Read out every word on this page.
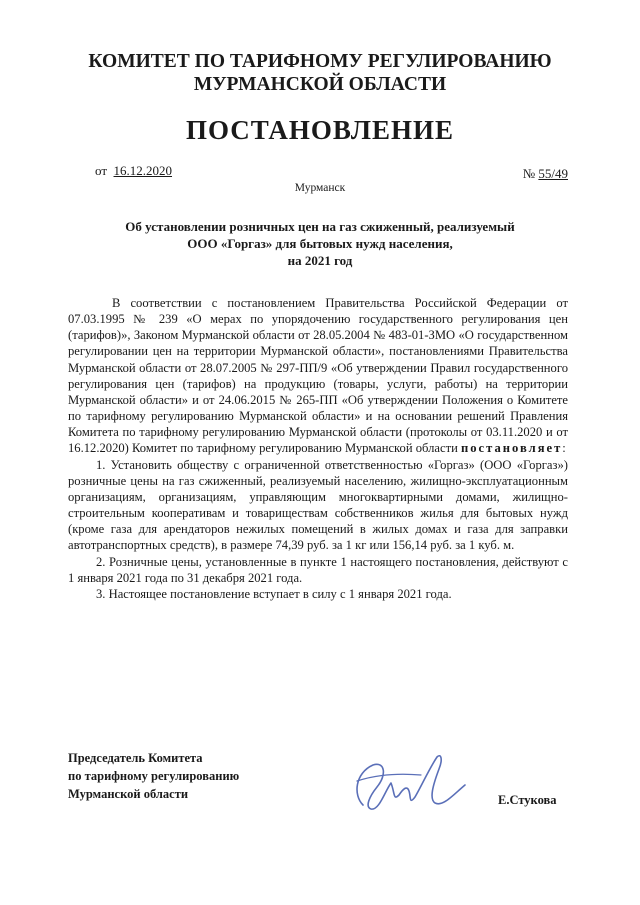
КОМИТЕТ ПО ТАРИФНОМУ РЕГУЛИРОВАНИЮ
МУРМАНСКОЙ ОБЛАСТИ
ПОСТАНОВЛЕНИЕ
от 16.12.2020	№ 55/49
Мурманск
Об установлении розничных цен на газ сжиженный, реализуемый
ООО «Горгаз» для бытовых нужд населения,
на 2021 год

В соответствии с постановлением Правительства Российской Федерации от 07.03.1995 № 239 «О мерах по упорядочению государственного регулирования цен (тарифов)», Законом Мурманской области от 28.05.2004 № 483-01-ЗМО «О государственном регулировании цен на территории Мурманской области», постановлениями Правительства Мурманской области от 28.07.2005 № 297-ПП/9 «Об утверждении Правил государственного регулирования цен (тарифов) на продукцию (товары, услуги, работы) на территории Мурманской области» и от 24.06.2015 № 265-ПП «Об утверждении Положения о Комитете по тарифному регулированию Мурманской области» и на основании решений Правления Комитета по тарифному регулированию Мурманской области (протоколы от 03.11.2020 и от 16.12.2020) Комитет по тарифному регулированию Мурманской области постановляет:

1. Установить обществу с ограниченной ответственностью «Горгаз» (ООО «Горгаз») розничные цены на газ сжиженный, реализуемый населению, жилищно-эксплуатационным организациям, организациям, управляющим многоквартирными домами, жилищно-строительным кооперативам и товариществам собственников жилья для бытовых нужд (кроме газа для арендаторов нежилых помещений в жилых домах и газа для заправки автотранспортных средств), в размере 74,39 руб. за 1 кг или 156,14 руб. за 1 куб. м.

2. Розничные цены, установленные в пункте 1 настоящего постановления, действуют с 1 января 2021 года по 31 декабря 2021 года.

3. Настоящее постановление вступает в силу с 1 января 2021 года.

Председатель Комитета
по тарифному регулированию
Мурманской области	Е.Стукова
